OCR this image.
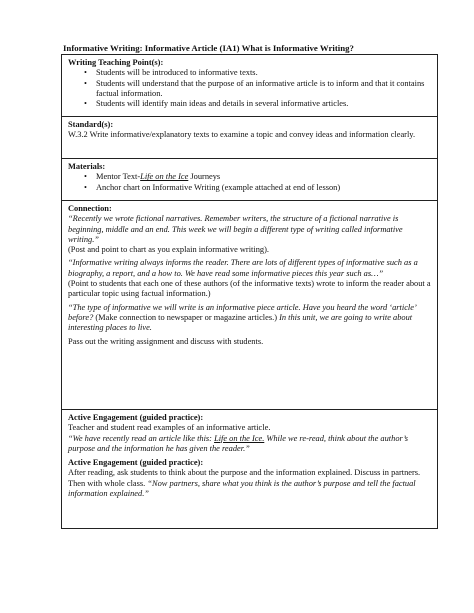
Informative Writing: Informative Article (IA1) What is Informative Writing?
Writing Teaching Point(s):

• Students will be introduced to informative texts.

• Students will understand that the purpose of an informative article is to inform and that it contains factual information.

• Students will identify main ideas and details in several informative articles.

Standard(s):

W.3.2 Write informative/explanatory texts to examine a topic and convey ideas and information clearly.

Materials:

• Mentor Text-Life on the Ice Journeys

• Anchor chart on Informative Writing (example attached at end of lesson)

Connection:

“Recently we wrote fictional narratives. Remember writers, the structure of a fictional narrative is beginning, middle and an end. This week we will begin a different type of writing called informative writing.”

(Post and point to chart as you explain informative writing).

“Informative writing always informs the reader. There are lots of different types of informative such as a biography, a report, and a how to. We have read some informative pieces this year such as…”

(Point to students that each one of these authors (of the informative texts) wrote to inform the reader about a particular topic using factual information.)

“The type of informative we will write is an informative piece article. Have you heard the word ‘article’ before? (Make connection to newspaper or magazine articles.) In this unit, we are going to write about interesting places to live.

Pass out the writing assignment and discuss with students.

Active Engagement (guided practice):

Teacher and student read examples of an informative article.

“We have recently read an article like this: Life on the Ice. While we re-read, think about the author’s purpose and the information he has given the reader.”

Active Engagement (guided practice):

After reading, ask students to think about the purpose and the information explained. Discuss in partners. Then with whole class. “Now partners, share what you think is the author’s purpose and tell the factual information explained.”
